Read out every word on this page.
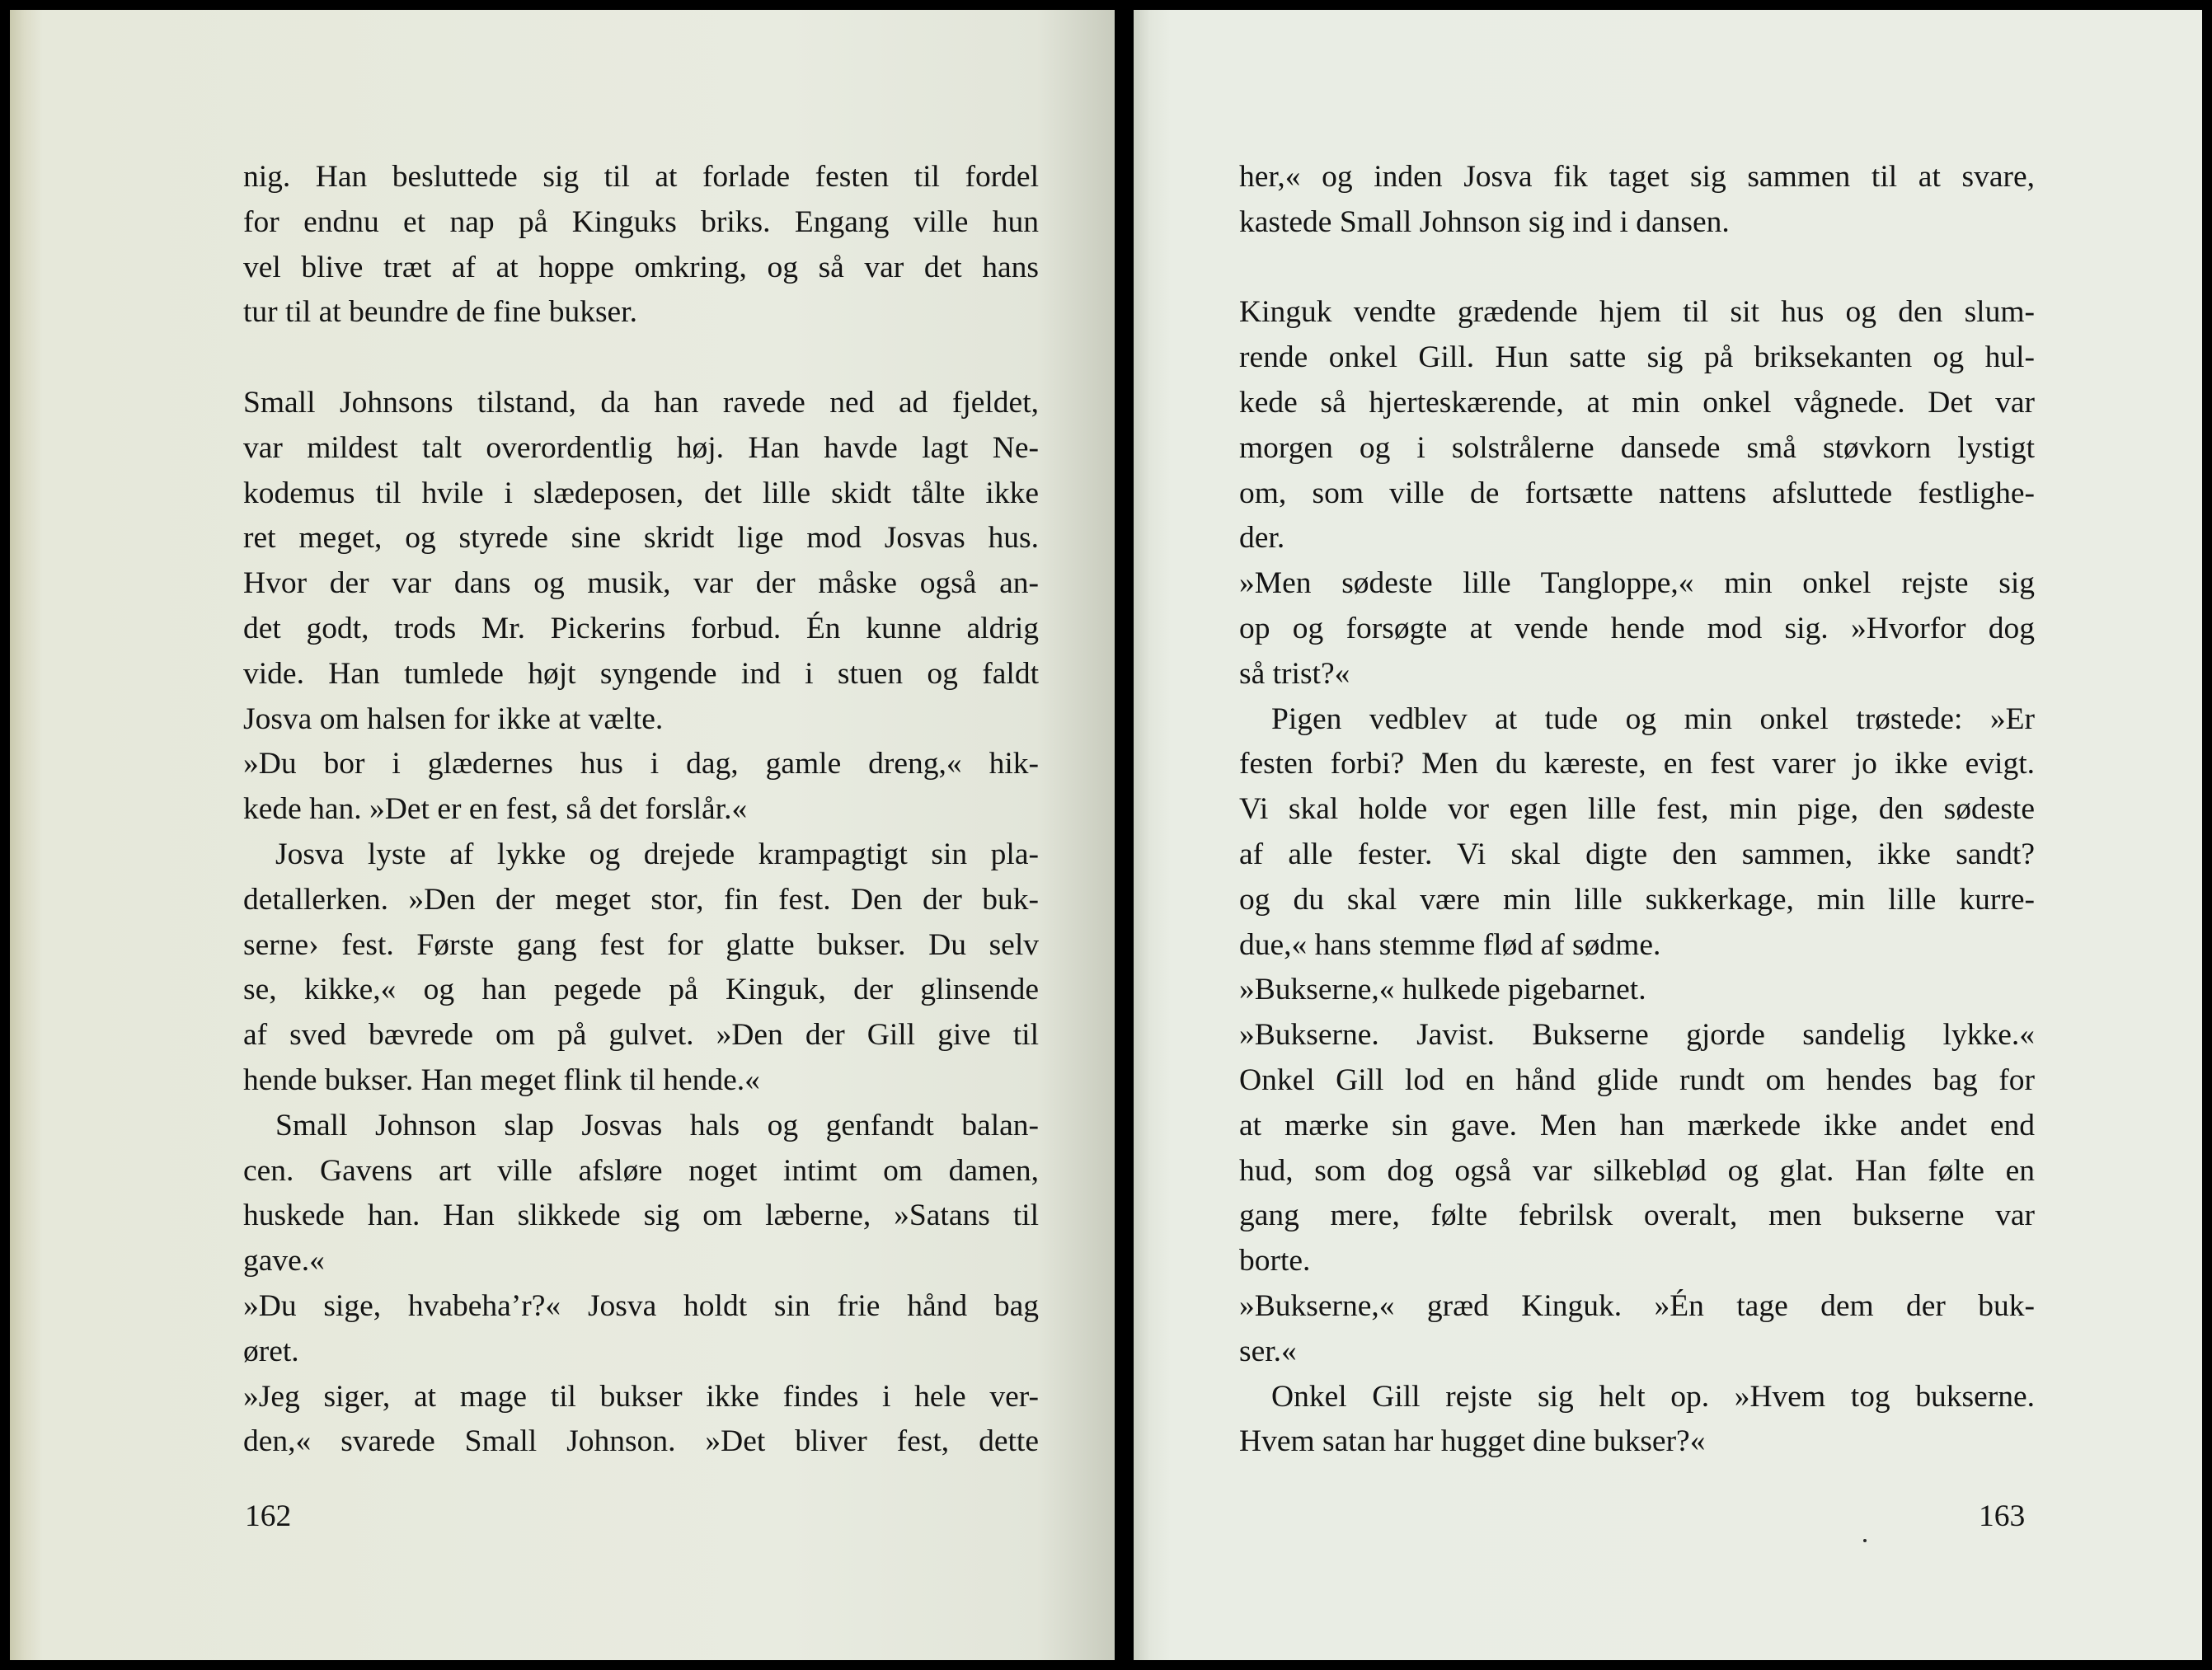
nig. Han besluttede sig til at forlade festen til fordel
for endnu et nap på Kinguks briks. Engang ville hun
vel blive træt af at hoppe omkring, og så var det hans
tur til at beundre de fine bukser.
Small Johnsons tilstand, da han ravede ned ad fjeldet,
var mildest talt overordentlig høj. Han havde lagt Ne-
kodemus til hvile i slædeposen, det lille skidt tålte ikke
ret meget, og styrede sine skridt lige mod Josvas hus.
Hvor der var dans og musik, var der måske også an-
det godt, trods Mr. Pickerins forbud. Én kunne aldrig
vide. Han tumlede højt syngende ind i stuen og faldt
Josva om halsen for ikke at vælte.
»Du bor i glædernes hus i dag, gamle dreng,« hik-
kede han. »Det er en fest, så det forslår.«
Josva lyste af lykke og drejede krampagtigt sin pla-
detallerken. »Den der meget stor, fin fest. Den der buk-
serne› fest. Første gang fest for glatte bukser. Du selv
se, kikke,« og han pegede på Kinguk, der glinsende
af sved bævrede om på gulvet. »Den der Gill give til
hende bukser. Han meget flink til hende.«
Small Johnson slap Josvas hals og genfandt balan-
cen. Gavens art ville afsløre noget intimt om damen,
huskede han. Han slikkede sig om læberne, »Satans til
gave.«
»Du sige, hvabeha’r?« Josva holdt sin frie hånd bag
øret.
»Jeg siger, at mage til bukser ikke findes i hele ver-
den,« svarede Small Johnson. »Det bliver fest, dette
162
her,« og inden Josva fik taget sig sammen til at svare,
kastede Small Johnson sig ind i dansen.
Kinguk vendte grædende hjem til sit hus og den slum-
rende onkel Gill. Hun satte sig på briksekanten og hul-
kede så hjerteskærende, at min onkel vågnede. Det var
morgen og i solstrålerne dansede små støvkorn lystigt
om, som ville de fortsætte nattens afsluttede festlighe-
der.
»Men sødeste lille Tangloppe,« min onkel rejste sig
op og forsøgte at vende hende mod sig. »Hvorfor dog
så trist?«
Pigen vedblev at tude og min onkel trøstede: »Er
festen forbi? Men du kæreste, en fest varer jo ikke evigt.
Vi skal holde vor egen lille fest, min pige, den sødeste
af alle fester. Vi skal digte den sammen, ikke sandt?
og du skal være min lille sukkerkage, min lille kurre-
due,« hans stemme flød af sødme.
»Bukserne,« hulkede pigebarnet.
»Bukserne. Javist. Bukserne gjorde sandelig lykke.«
Onkel Gill lod en hånd glide rundt om hendes bag for
at mærke sin gave. Men han mærkede ikke andet end
hud, som dog også var silkeblød og glat. Han følte en
gang mere, følte febrilsk overalt, men bukserne var
borte.
»Bukserne,« græd Kinguk. »Én tage dem der buk-
ser.«
Onkel Gill rejste sig helt op. »Hvem tog bukserne.
Hvem satan har hugget dine bukser?«
163
